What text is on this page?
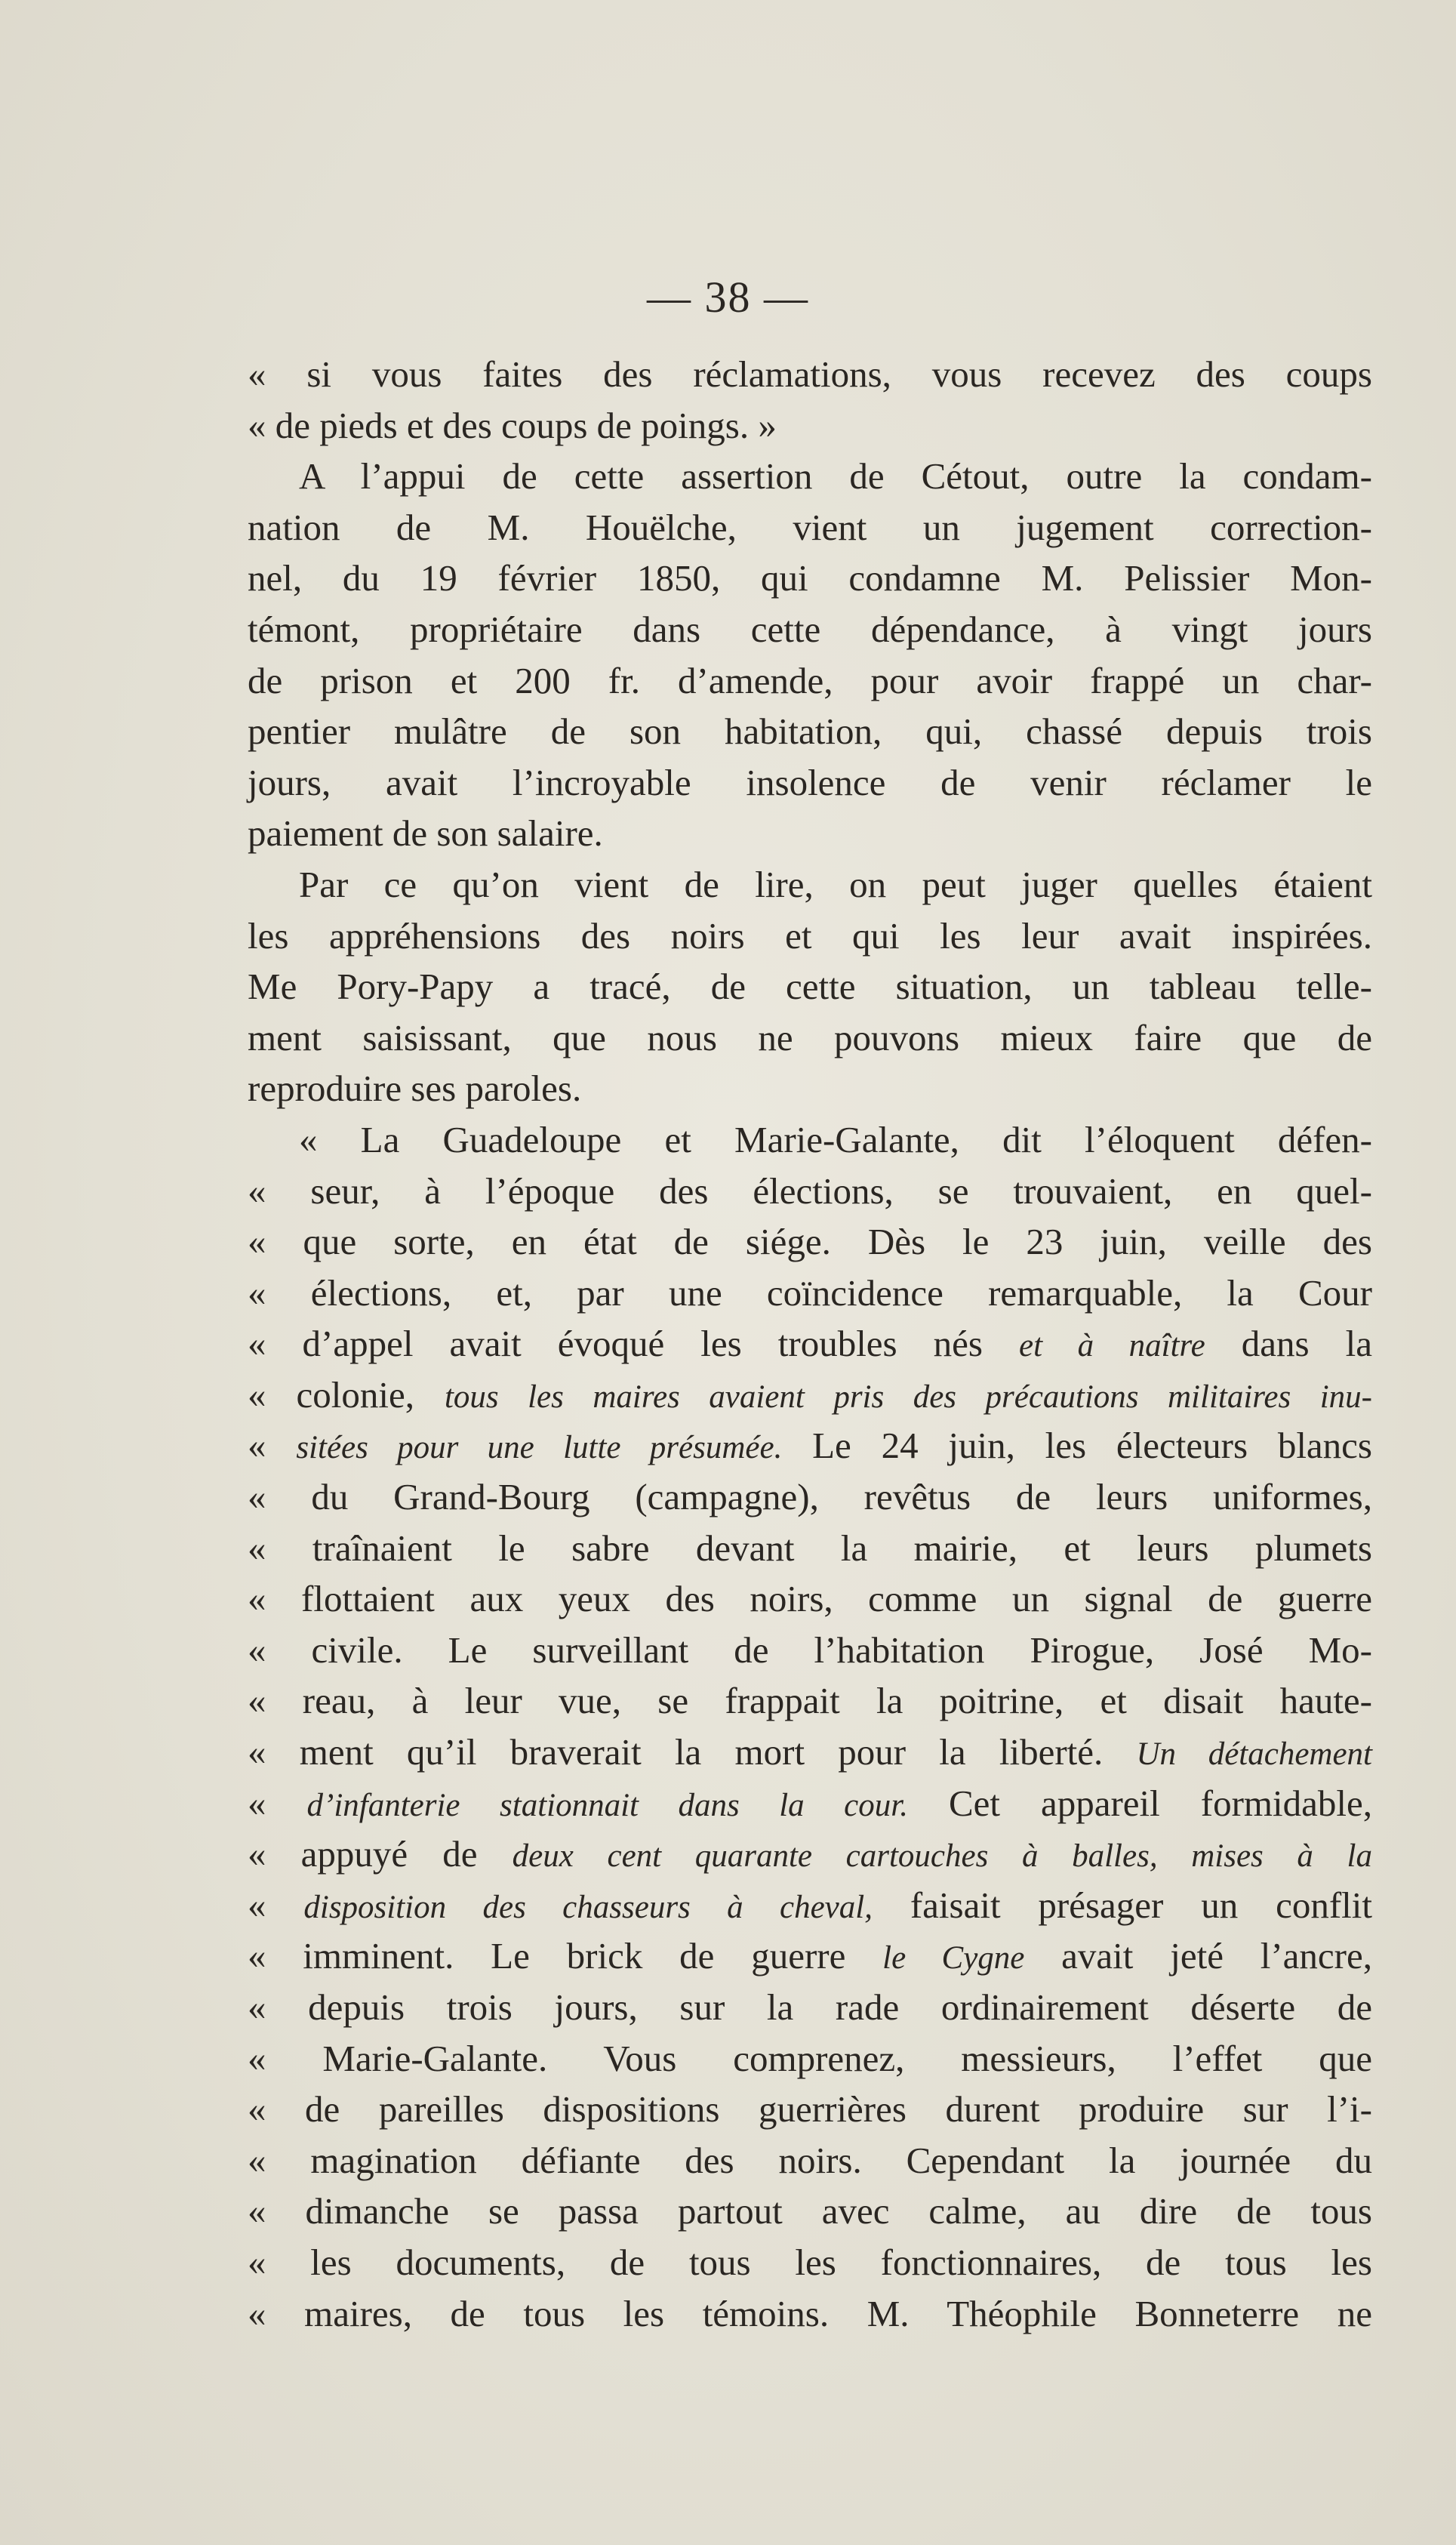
— 38 —
« si vous faites des réclamations, vous recevez des coups
« de pieds et des coups de poings. »
A l’appui de cette assertion de Cétout, outre la condam-
nation de M. Houëlche, vient un jugement correction-
nel, du 19 février 1850, qui condamne M. Pelissier Mon-
témont, propriétaire dans cette dépendance, à vingt jours
de prison et 200 fr. d’amende, pour avoir frappé un char-
pentier mulâtre de son habitation, qui, chassé depuis trois
jours, avait l’incroyable insolence de venir réclamer le
paiement de son salaire.
Par ce qu’on vient de lire, on peut juger quelles étaient
les appréhensions des noirs et qui les leur avait inspirées.
Me Pory-Papy a tracé, de cette situation, un tableau telle-
ment saisissant, que nous ne pouvons mieux faire que de
reproduire ses paroles.
« La Guadeloupe et Marie-Galante, dit l’éloquent défen-
« seur, à l’époque des élections, se trouvaient, en quel-
« que sorte, en état de siége. Dès le 23 juin, veille des
« élections, et, par une coïncidence remarquable, la Cour
« d’appel avait évoqué les troubles nés et à naître dans la
« colonie, tous les maires avaient pris des précautions militaires inu-
« sitées pour une lutte présumée. Le 24 juin, les électeurs blancs
« du Grand-Bourg (campagne), revêtus de leurs uniformes,
« traînaient le sabre devant la mairie, et leurs plumets
« flottaient aux yeux des noirs, comme un signal de guerre
« civile. Le surveillant de l’habitation Pirogue, José Mo-
« reau, à leur vue, se frappait la poitrine, et disait haute-
« ment qu’il braverait la mort pour la liberté. Un détachement
« d’infanterie stationnait dans la cour. Cet appareil formidable,
« appuyé de deux cent quarante cartouches à balles, mises à la
« disposition des chasseurs à cheval, faisait présager un conflit
« imminent. Le brick de guerre le Cygne avait jeté l’ancre,
« depuis trois jours, sur la rade ordinairement déserte de
« Marie-Galante. Vous comprenez, messieurs, l’effet que
« de pareilles dispositions guerrières durent produire sur l’i-
« magination défiante des noirs. Cependant la journée du
« dimanche se passa partout avec calme, au dire de tous
« les documents, de tous les fonctionnaires, de tous les
« maires, de tous les témoins. M. Théophile Bonneterre ne
